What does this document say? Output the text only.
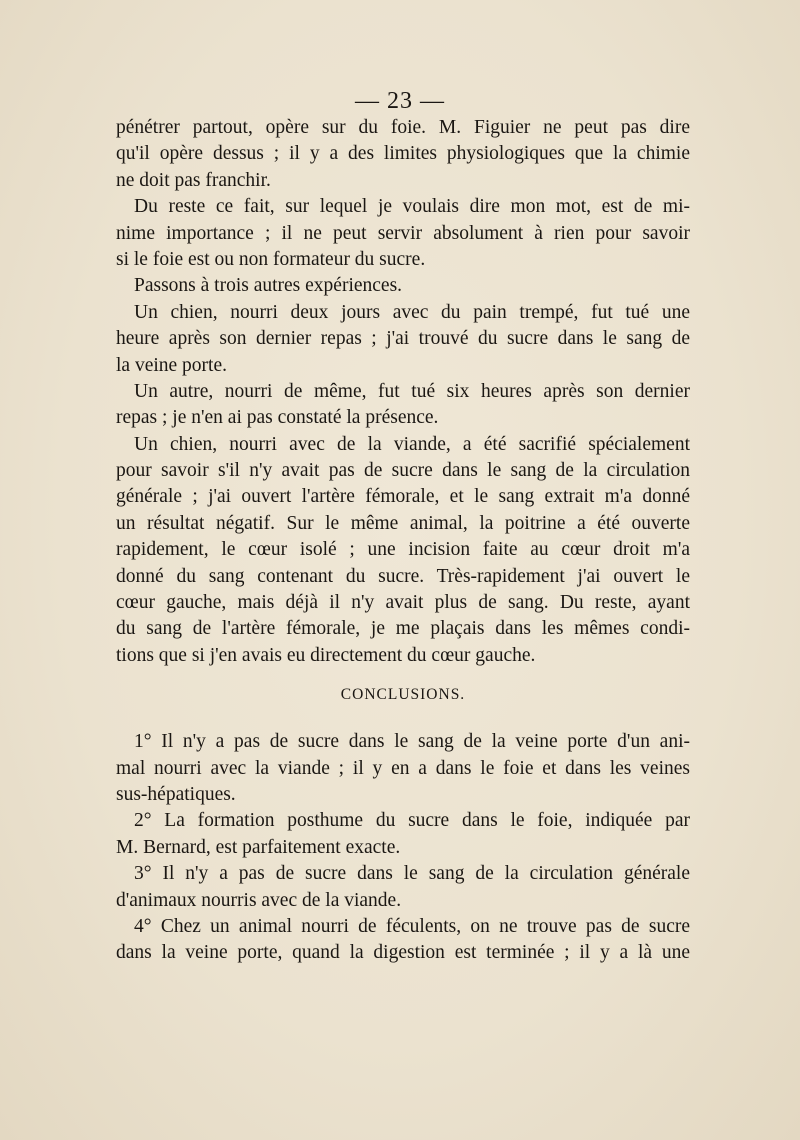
— 23 —
pénétrer partout, opère sur du foie. M. Figuier ne peut pas dire
qu'il opère dessus ; il y a des limites physiologiques que la chimie
ne doit pas franchir.
Du reste ce fait, sur lequel je voulais dire mon mot, est de mi-
nime importance ; il ne peut servir absolument à rien pour savoir
si le foie est ou non formateur du sucre.
Passons à trois autres expériences.
Un chien, nourri deux jours avec du pain trempé, fut tué une
heure après son dernier repas ; j'ai trouvé du sucre dans le sang de
la veine porte.
Un autre, nourri de même, fut tué six heures après son dernier
repas ; je n'en ai pas constaté la présence.
Un chien, nourri avec de la viande, a été sacrifié spécialement
pour savoir s'il n'y avait pas de sucre dans le sang de la circulation
générale ; j'ai ouvert l'artère fémorale, et le sang extrait m'a donné
un résultat négatif. Sur le même animal, la poitrine a été ouverte
rapidement, le cœur isolé ; une incision faite au cœur droit m'a
donné du sang contenant du sucre. Très-rapidement j'ai ouvert le
cœur gauche, mais déjà il n'y avait plus de sang. Du reste, ayant
du sang de l'artère fémorale, je me plaçais dans les mêmes condi-
tions que si j'en avais eu directement du cœur gauche.
CONCLUSIONS.
1° Il n'y a pas de sucre dans le sang de la veine porte d'un ani-
mal nourri avec la viande ; il y en a dans le foie et dans les veines
sus-hépatiques.
2° La formation posthume du sucre dans le foie, indiquée par
M. Bernard, est parfaitement exacte.
3° Il n'y a pas de sucre dans le sang de la circulation générale
d'animaux nourris avec de la viande.
4° Chez un animal nourri de féculents, on ne trouve pas de sucre
dans la veine porte, quand la digestion est terminée ; il y a là une
